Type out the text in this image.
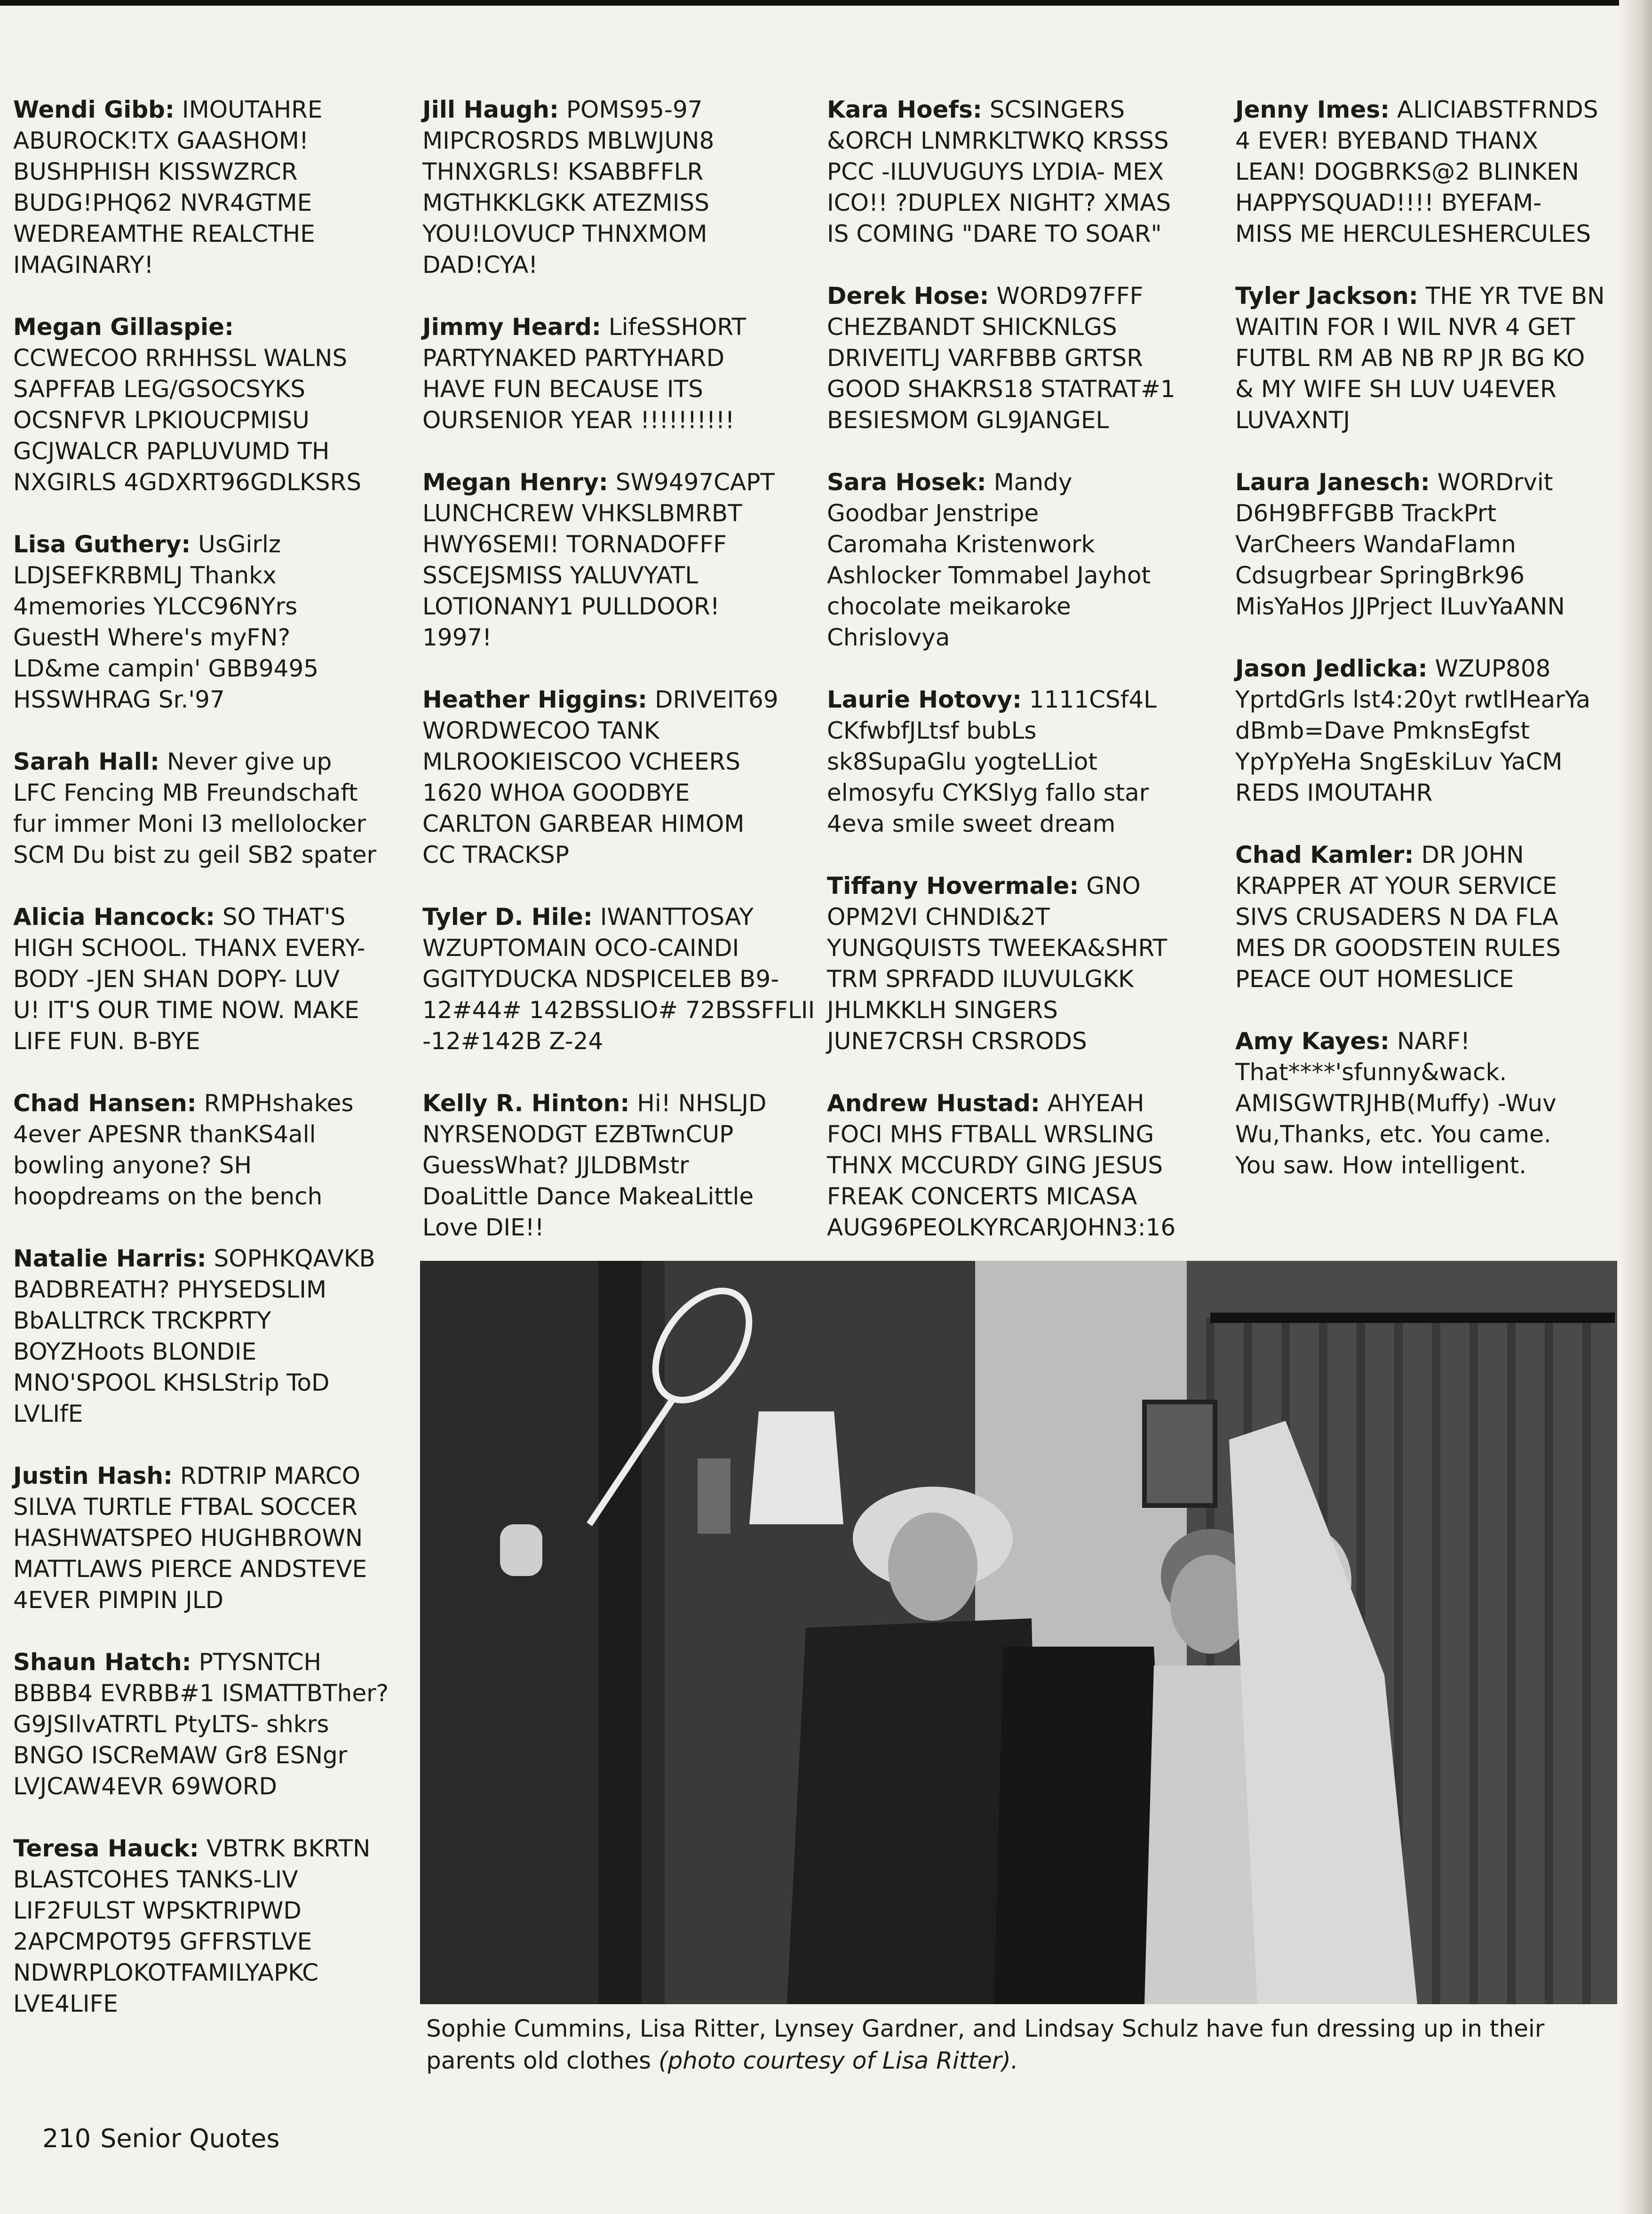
Wendi Gibb: IMOUTAHRE
ABUROCK!TX GAASHOM!
BUSHPHISH KISSWZRCR
BUDG!PHQ62 NVR4GTME
WEDREAMTHE REALCTHE
IMAGINARY!
Megan Gillaspie:
CCWECOO RRHHSSL WALNS
SAPFFAB LEG/GSOCSYKS
OCSNFVR LPKIOUCPMISU
GCJWALCR PAPLUVUMD TH
NXGIRLS 4GDXRT96GDLKSRS
Lisa Guthery: UsGirlz
LDJSEFKRBMLJ Thankx
4memories YLCC96NYrs
GuestH Where's myFN?
LD&me campin' GBB9495
HSSWHRAG Sr.'97
Sarah Hall: Never give up
LFC Fencing MB Freundschaft
fur immer Moni I3 mellolocker
SCM Du bist zu geil SB2 spater
Alicia Hancock: SO THAT'S
HIGH SCHOOL. THANX EVERY-
BODY -JEN SHAN DOPY- LUV
U! IT'S OUR TIME NOW. MAKE
LIFE FUN. B-BYE
Chad Hansen: RMPHshakes
4ever APESNR thanKS4all
bowling anyone? SH
hoopdreams on the bench
Natalie Harris: SOPHKQAVKB
BADBREATH? PHYSEDSLIM
BbALLTRCK TRCKPRTY
BOYZHoots BLONDIE
MNO'SPOOL KHSLStrip ToD
LVLIfE
Justin Hash: RDTRIP MARCO
SILVA TURTLE FTBAL SOCCER
HASHWATSPEO HUGHBROWN
MATTLAWS PIERCE ANDSTEVE
4EVER PIMPIN JLD
Shaun Hatch: PTYSNTCH
BBBB4 EVRBB#1 ISMATTBTher?
G9JSIlvATRTL PtyLTS- shkrs
BNGO ISCReMAW Gr8 ESNgr
LVJCAW4EVR 69WORD
Teresa Hauck: VBTRK BKRTN
BLASTCOHES TANKS-LIV
LIF2FULST WPSKTRIPWD
2APCMPOT95 GFFRSTLVE
NDWRPLOKOTFAMILYAPKC
LVE4LIFE
Jill Haugh: POMS95-97
MIPCROSRDS MBLWJUN8
THNXGRLS! KSABBFFLR
MGTHKKLGKK ATEZMISS
YOU!LOVUCP THNXMOM
DAD!CYA!
Jimmy Heard: LifeSSHORT
PARTYNAKED PARTYHARD
HAVE FUN BECAUSE ITS
OURSENIOR YEAR !!!!!!!!!!
Megan Henry: SW9497CAPT
LUNCHCREW VHKSLBMRBT
HWY6SEMI! TORNADOFFF
SSCEJSMISS YALUVYATL
LOTIONANY1 PULLDOOR!
1997!
Heather Higgins: DRIVEIT69
WORDWECOO TANK
MLROOKIEISCOO VCHEERS
1620 WHOA GOODBYE
CARLTON GARBEAR HIMOM
CC TRACKSP
Tyler D. Hile: IWANTTOSAY
WZUPTOMAIN OCO-CAINDI
GGITYDUCKA NDSPICELEB B9-
12#44# 142BSSLIO# 72BSSFFLII
-12#142B Z-24
Kelly R. Hinton: Hi! NHSLJD
NYRSENODGT EZBTwnCUP
GuessWhat? JJLDBMstr
DoaLittle Dance MakeaLittle
Love DIE!!
Kara Hoefs: SCSINGERS
&ORCH LNMRKLTWKQ KRSSS
PCC -ILUVUGUYS LYDIA- MEX
ICO!! ?DUPLEX NIGHT? XMAS
IS COMING "DARE TO SOAR"
Derek Hose: WORD97FFF
CHEZBANDT SHICKNLGS
DRIVEITLJ VARFBBB GRTSR
GOOD SHAKRS18 STATRAT#1
BESIESMOM GL9JANGEL
Sara Hosek: Mandy
Goodbar Jenstripe
Caromaha Kristenwork
Ashlocker Tommabel Jayhot
chocolate meikaroke
Chrislovya
Laurie Hotovy: 1111CSf4L
CKfwbfJLtsf bubLs
sk8SupaGlu yogteLLiot
elmosyfu CYKSlyg fallo star
4eva smile sweet dream
Tiffany Hovermale: GNO
OPM2VI CHNDI&2T
YUNGQUISTS TWEEKA&SHRT
TRM SPRFADD ILUVULGKK
JHLMKKLH SINGERS
JUNE7CRSH CRSRODS
Andrew Hustad: AHYEAH
FOCI MHS FTBALL WRSLING
THNX MCCURDY GING JESUS
FREAK CONCERTS MICASA
AUG96PEOLKYRCARJOHN3:16
Jenny Imes: ALICIABSTFRNDS
4 EVER! BYEBAND THANX
LEAN! DOGBRKS@2 BLINKEN
HAPPYSQUAD!!!! BYEFAM-
MISS ME HERCULESHERCULES
Tyler Jackson: THE YR TVE BN
WAITIN FOR I WIL NVR 4 GET
FUTBL RM AB NB RP JR BG KO
& MY WIFE SH LUV U4EVER
LUVAXNTJ
Laura Janesch: WORDrvit
D6H9BFFGBB TrackPrt
VarCheers WandaFlamn
Cdsugrbear SpringBrk96
MisYaHos JJPrject ILuvYaANN
Jason Jedlicka: WZUP808
YprtdGrls lst4:20yt rwtlHearYa
dBmb=Dave PmknsEgfst
YpYpYeHa SngEskiLuv YaCM
REDS IMOUTAHR
Chad Kamler: DR JOHN
KRAPPER AT YOUR SERVICE
SIVS CRUSADERS N DA FLA
MES DR GOODSTEIN RULES
PEACE OUT HOMESLICE
Amy Kayes: NARF!
That****'sfunny&wack.
AMISGWTRJHB(Muffy) -Wuv
Wu,Thanks, etc. You came.
You saw. How intelligent.
Sophie Cummins, Lisa Ritter, Lynsey Gardner, and Lindsay Schulz have fun dressing up in their parents old clothes (photo courtesy of Lisa Ritter).
210 Senior Quotes
